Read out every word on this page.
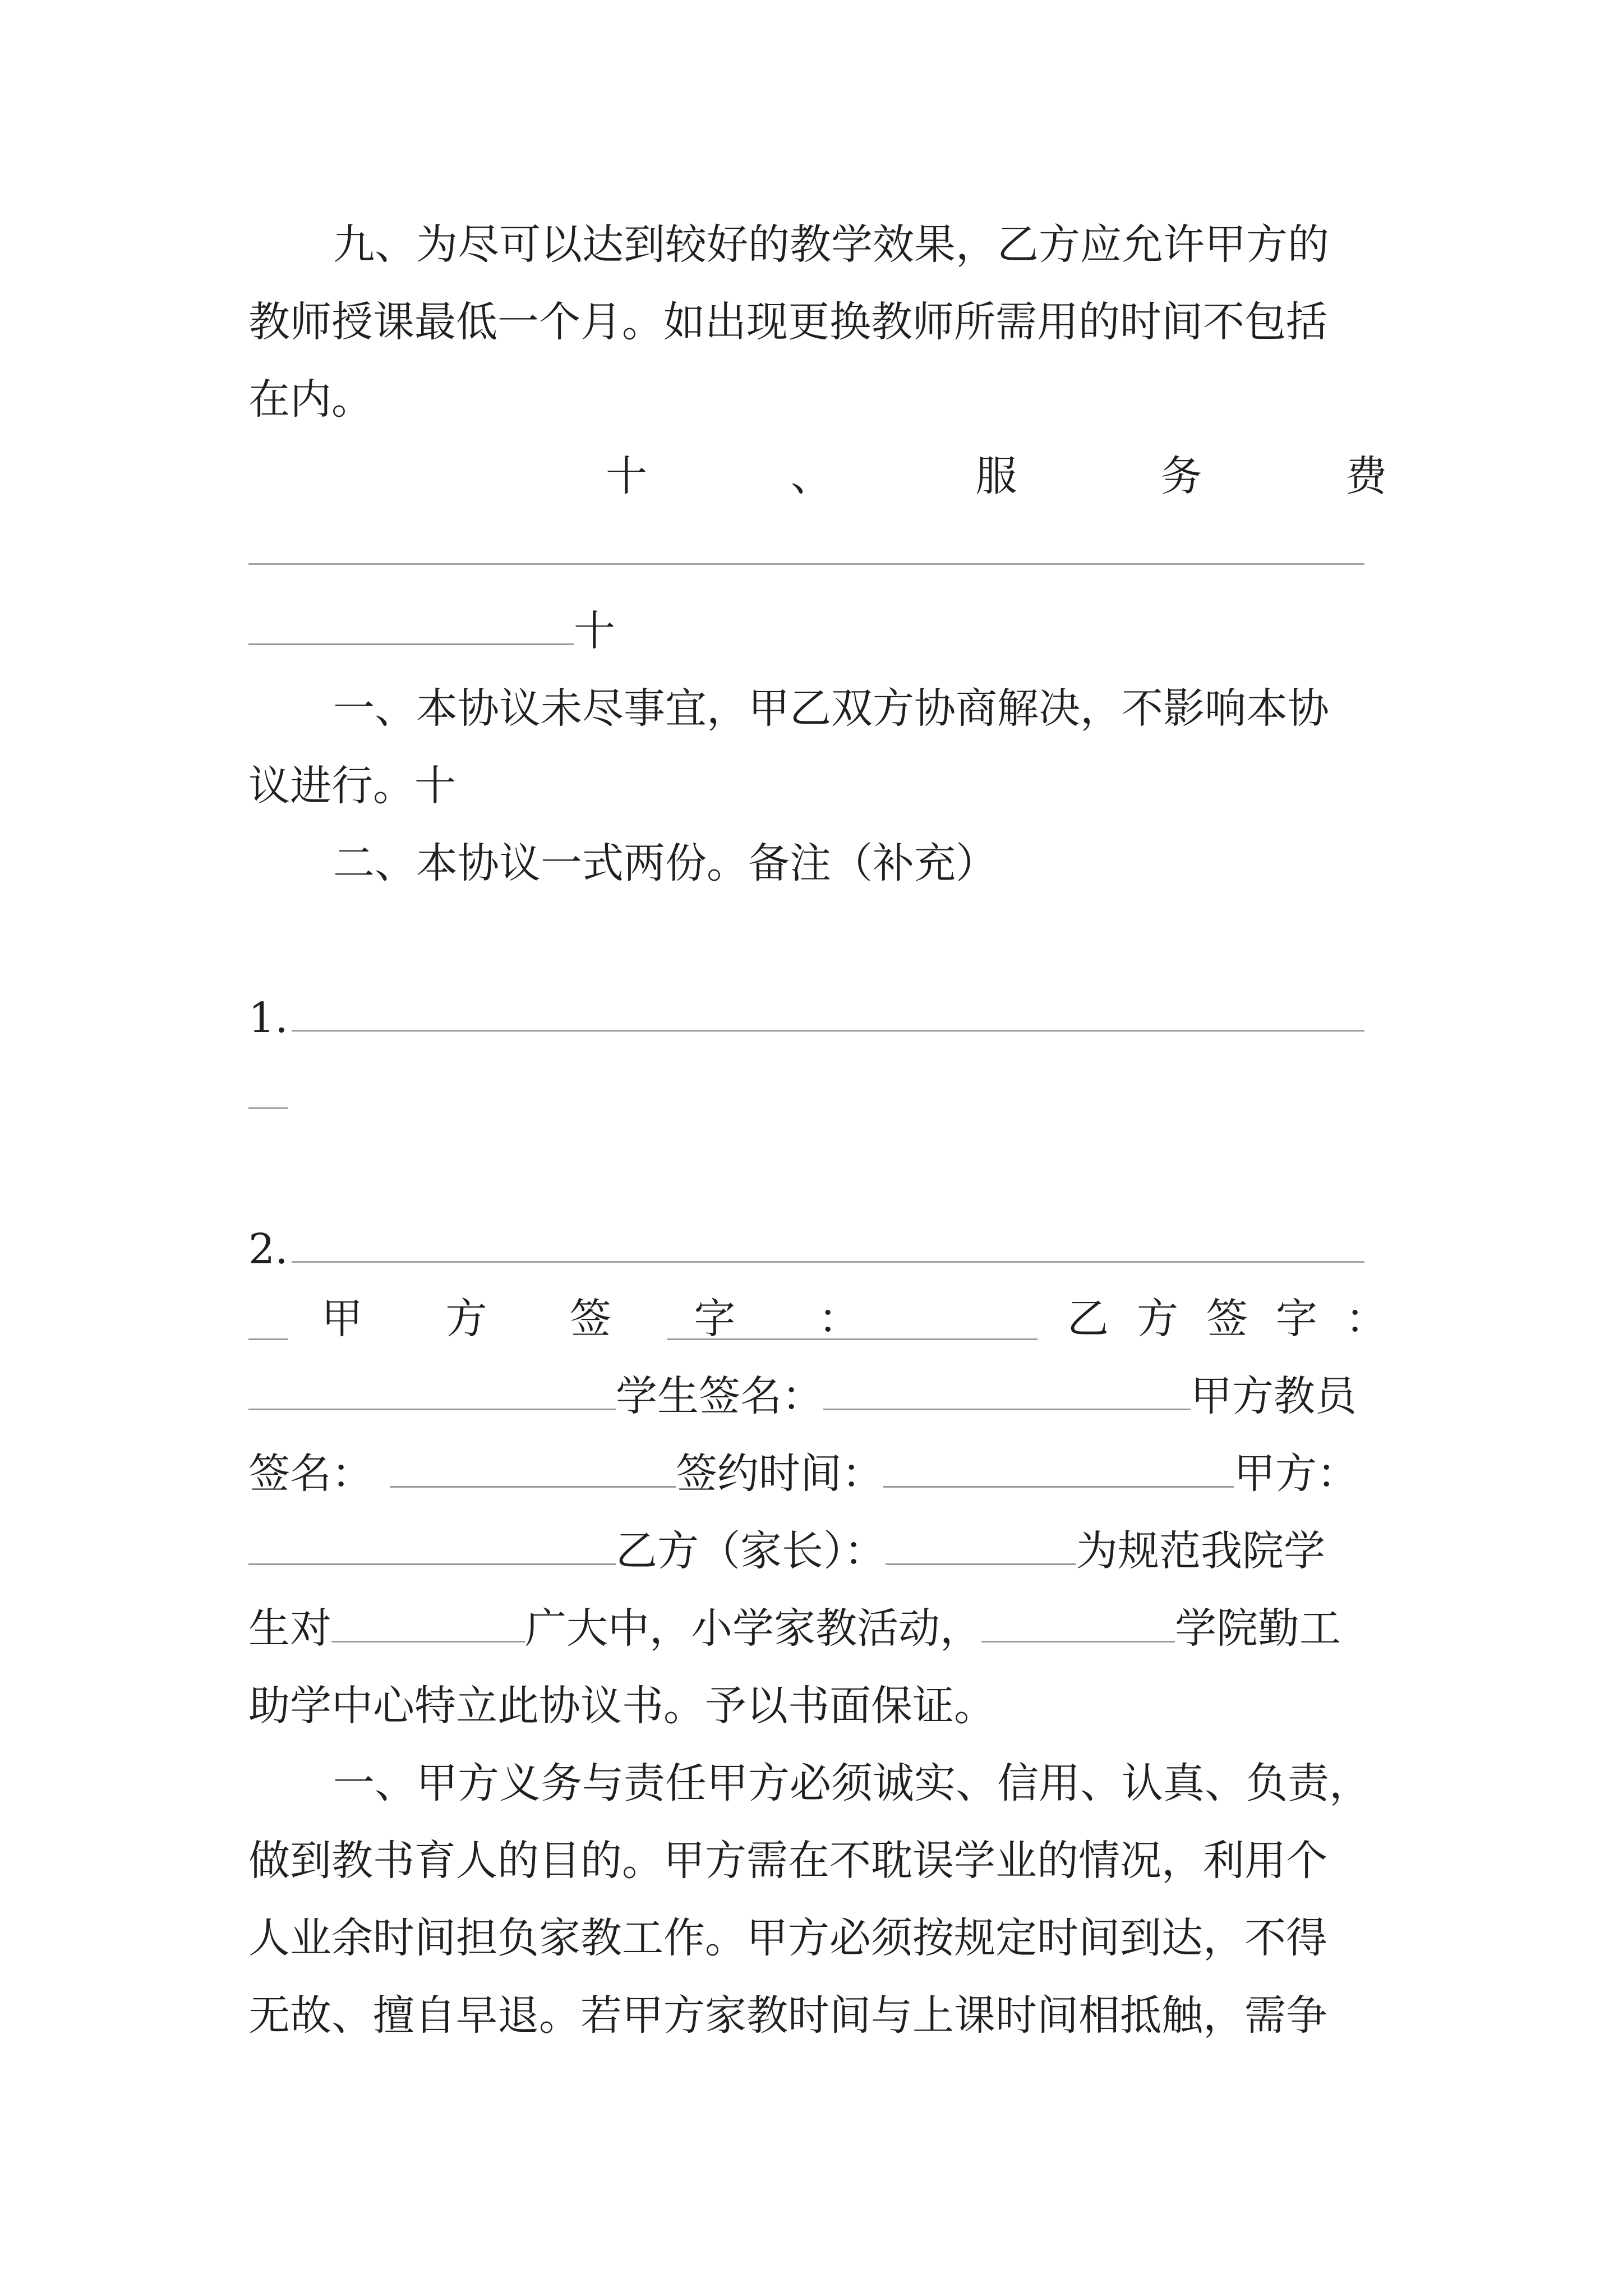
九、为尽可以达到较好的教学效果，乙方应允许甲方的
教师授课最低一个月。如出现更换教师所需用的时间不包括
在内。
十	、	服	务	费
十
一、本协议未尽事宜，甲乙双方协商解决，不影响本协
议进行。十
二、本协议一式两份。备注（补充）
1.
2.
甲 方 签 字 ：	乙 方 签 字 ：
学生签名：	甲方教员
签名：	签约时间：	甲方：
乙方（家长）：	为规范我院学
生对	广大中，小学家教活动，	学院勤工
助学中心特立此协议书。予以书面保证。
一、甲方义务与责任甲方必须诚实、信用、认真、负责，
做到教书育人的目的。甲方需在不耽误学业的情况，利用个
人业余时间担负家教工作。甲方必须按规定时间到达，不得
无故、擅自早退。若甲方家教时间与上课时间相抵触，需争
